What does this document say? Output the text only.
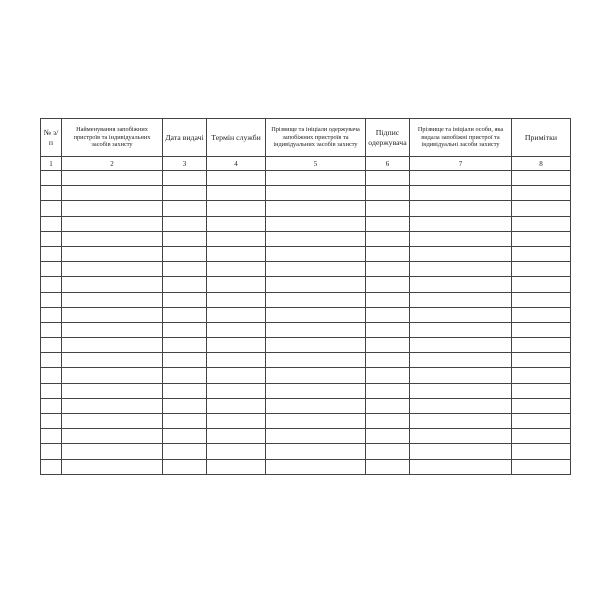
№ з/п	Найменування запобіжних пристроїв та індивідуальних засобів захисту	Дата видачі	Термін служби	Прізвище та ініціали одержувача запобіжних пристроїв та індивідуальних засобів захисту	Підпис одержувача	Прізвище та ініціали особи, яка видала запобіжні пристрої та індивідуальні засоби захисту	Примітки
1	2	3	4	5	6	7	8
